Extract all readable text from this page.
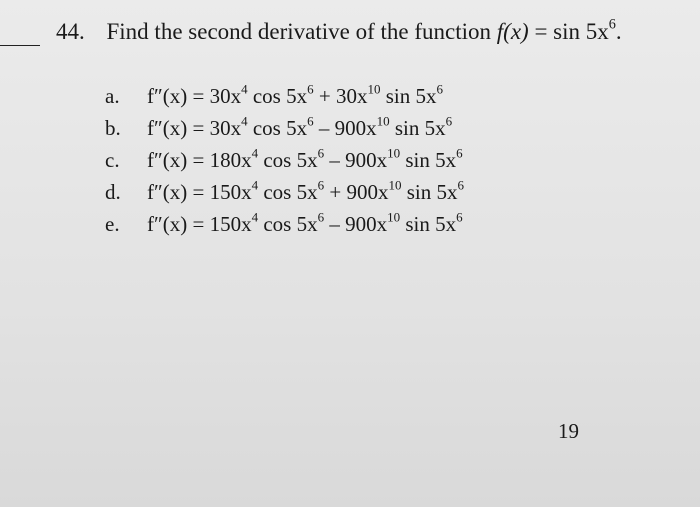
44. Find the second derivative of the function $f(x) = \sin 5x^6$.
a.	$f''(x) = 30x^4$ $\cos 5x^6 + 30x^{10}$ $\sin 5x^6$
b.	$f''(x) = 30x^4$ $\cos 5x^6 - 900x^{10}$ $\sin 5x^6$
c.	$f''(x) = 180x^4$ $\cos 5x^6 - 900x^{10}$ $\sin 5x^6$
d.	$f''(x) = 150x^4$ $\cos 5x^6 + 900x^{10}$ $\sin 5x^6$
e.	$f''(x) = 150x^4$ $\cos 5x^6 - 900x^{10}$ $\sin 5x^6$
19
